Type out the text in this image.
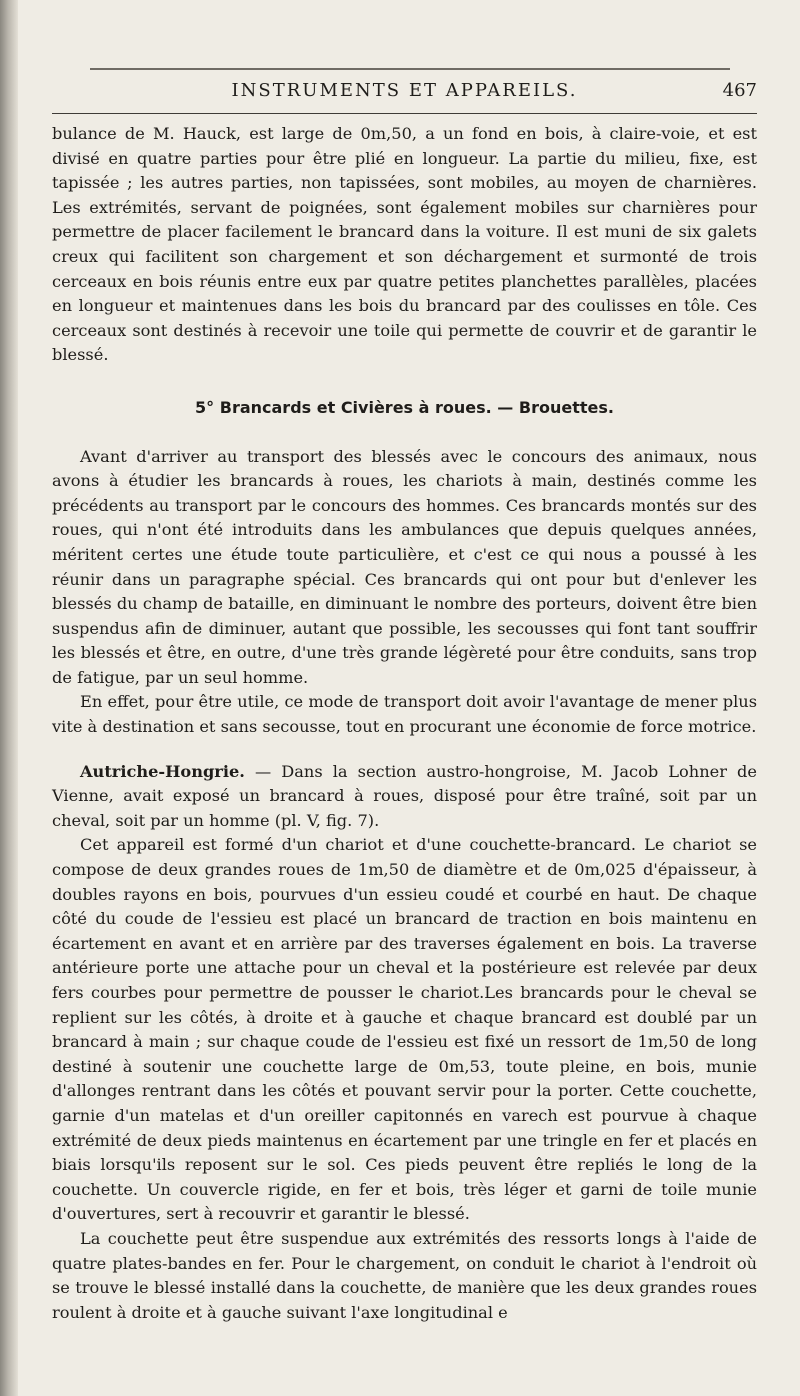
INSTRUMENTS ET APPAREILS.	467

bulance de M. Hauck, est large de 0m,50, a un fond en bois, à claire-voie, et est divisé en quatre parties pour être plié en longueur. La partie du milieu, fixe, est tapissée ; les autres parties, non tapissées, sont mobiles, au moyen de charnières. Les extrémités, servant de poignées, sont également mobiles sur charnières pour permettre de placer facilement le brancard dans la voiture. Il est muni de six galets creux qui facilitent son chargement et son déchargement et surmonté de trois cerceaux en bois réunis entre eux par quatre petites planchettes parallèles, placées en longueur et maintenues dans les bois du brancard par des coulisses en tôle. Ces cerceaux sont destinés à recevoir une toile qui permette de couvrir et de garantir le blessé.

5° Brancards et Civières à roues. — Brouettes.

Avant d'arriver au transport des blessés avec le concours des animaux, nous avons à étudier les brancards à roues, les chariots à main, destinés comme les précédents au transport par le concours des hommes. Ces brancards montés sur des roues, qui n'ont été introduits dans les ambulances que depuis quelques années, méritent certes une étude toute particulière, et c'est ce qui nous a poussé à les réunir dans un paragraphe spécial. Ces brancards qui ont pour but d'enlever les blessés du champ de bataille, en diminuant le nombre des porteurs, doivent être bien suspendus afin de diminuer, autant que possible, les secousses qui font tant souffrir les blessés et être, en outre, d'une très grande légèreté pour être conduits, sans trop de fatigue, par un seul homme.

En effet, pour être utile, ce mode de transport doit avoir l'avantage de mener plus vite à destination et sans secousse, tout en procurant une économie de force motrice.

Autriche-Hongrie. — Dans la section austro-hongroise, M. Jacob Lohner de Vienne, avait exposé un brancard à roues, disposé pour être traîné, soit par un cheval, soit par un homme (pl. V, fig. 7).

Cet appareil est formé d'un chariot et d'une couchette-brancard. Le chariot se compose de deux grandes roues de 1m,50 de diamètre et de 0m,025 d'épaisseur, à doubles rayons en bois, pourvues d'un essieu coudé et courbé en haut. De chaque côté du coude de l'essieu est placé un brancard de traction en bois maintenu en écartement en avant et en arrière par des traverses également en bois. La traverse antérieure porte une attache pour un cheval et la postérieure est relevée par deux fers courbes pour permettre de pousser le chariot.Les brancards pour le cheval se replient sur les côtés, à droite et à gauche et chaque brancard est doublé par un brancard à main ; sur chaque coude de l'essieu est fixé un ressort de 1m,50 de long destiné à soutenir une couchette large de 0m,53, toute pleine, en bois, munie d'allonges rentrant dans les côtés et pouvant servir pour la porter. Cette couchette, garnie d'un matelas et d'un oreiller capitonnés en varech est pourvue à chaque extrémité de deux pieds maintenus en écartement par une tringle en fer et placés en biais lorsqu'ils reposent sur le sol. Ces pieds peuvent être repliés le long de la couchette. Un couvercle rigide, en fer et bois, très léger et garni de toile munie d'ouvertures, sert à recouvrir et garantir le blessé.

La couchette peut être suspendue aux extrémités des ressorts longs à l'aide de quatre plates-bandes en fer. Pour le chargement, on conduit le chariot à l'endroit où se trouve le blessé installé dans la couchette, de manière que les deux grandes roues roulent à droite et à gauche suivant l'axe longitudinal e
